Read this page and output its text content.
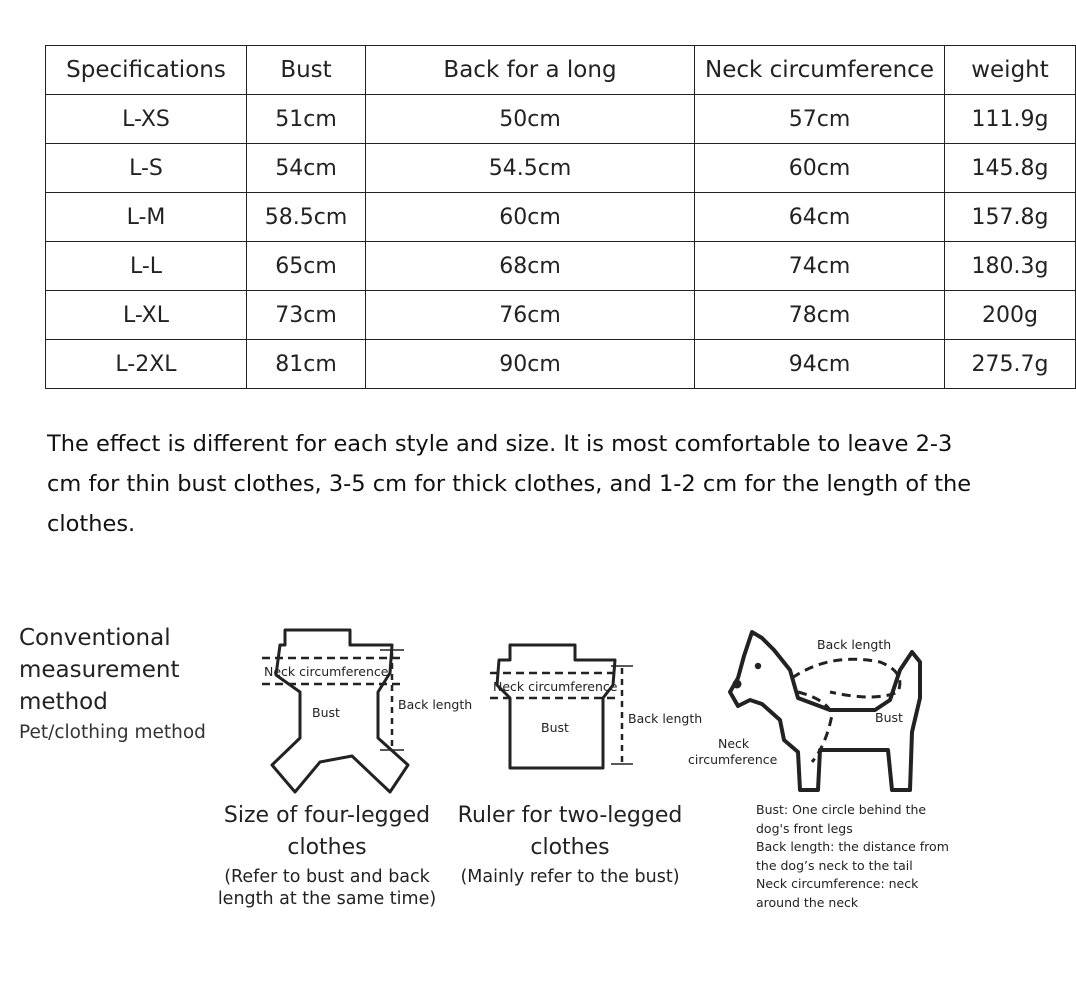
Specifications	Bust	Back for a long	Neck circumference	weight
L-XS	51cm	50cm	57cm	111.9g
L-S	54cm	54.5cm	60cm	145.8g
L-M	58.5cm	60cm	64cm	157.8g
L-L	65cm	68cm	74cm	180.3g
L-XL	73cm	76cm	78cm	200g
L-2XL	81cm	90cm	94cm	275.7g
The effect is different for each style and size. It is most comfortable to leave 2-3 cm for thin bust clothes, 3-5 cm for thick clothes, and 1-2 cm for the length of the clothes.
Conventional measurement method
Pet/clothing method
Neck circumference
Bust
Back length
Size of four-legged clothes
(Refer to bust and back length at the same time)
Neck circumference
Bust
Back length
Ruler for two-legged clothes
(Mainly refer to the bust)
Back length
Bust
Neck
circumference
Bust: One circle behind the
dog's front legs
Back length: the distance from
the dog’s neck to the tail
Neck circumference: neck
around the neck
